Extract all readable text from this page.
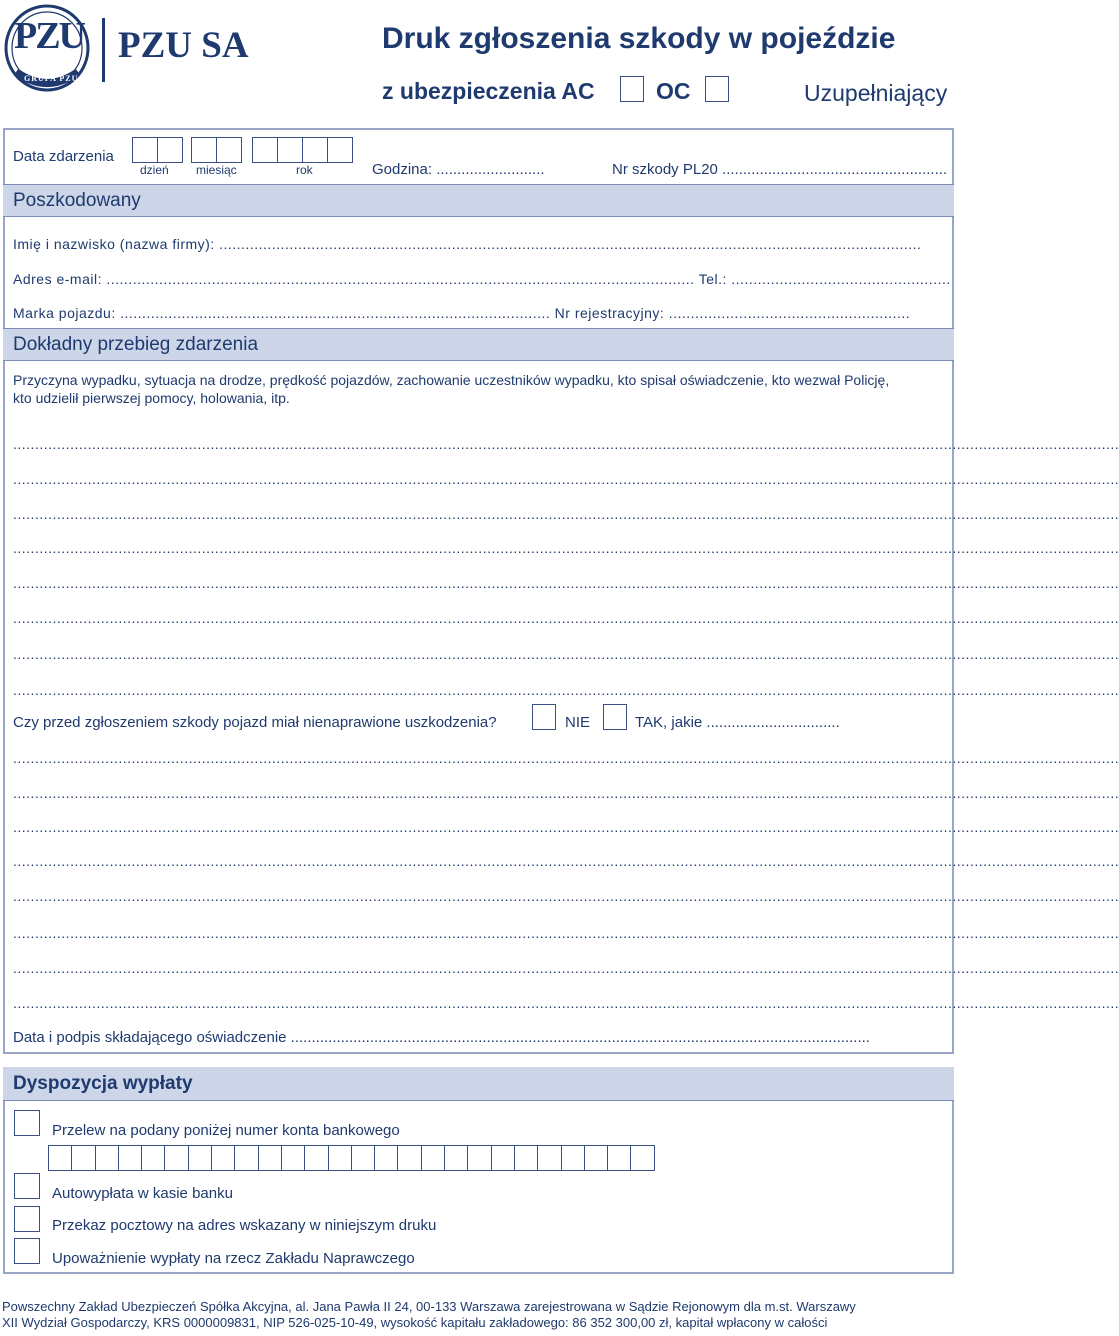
PZU
GRUPA PZU
PZU SA	Druk zgłoszenia szkody w pojeździe
z ubezpieczenia AC	OC	Uzupełniający
Data zdarzenia
dzień miesiąc	rok	Godzina: ..........................	Nr szkody PL20 ......................................................
Poszkodowany
Imię i nazwisko (nazwa firmy): ................................................................................................................................................................
Adres e-mail: ...................................................................................................................................... Tel.: ..................................................
Marka pojazdu: .................................................................................................. Nr rejestracyjny: .......................................................
Dokładny przebieg zdarzenia
Przyczyna wypadku, sytuacja na drodze, prędkość pojazdów, zachowanie uczestników wypadku, kto spisał oświadczenie, kto wezwał Policję,
kto udzielił pierwszej pomocy, holowania, itp.
............................................................................................................................................................................................................................................................
............................................................................................................................................................................................................................................................
............................................................................................................................................................................................................................................................
............................................................................................................................................................................................................................................................
............................................................................................................................................................................................................................................................
............................................................................................................................................................................................................................................................
............................................................................................................................................................................................................................................................
............................................................................................................................................................................................................................................................
Czy przed zgłoszeniem szkody pojazd miał nienaprawione uszkodzenia?	NIE	TAK, jakie ................................
............................................................................................................................................................................................................................................................
............................................................................................................................................................................................................................................................
............................................................................................................................................................................................................................................................
............................................................................................................................................................................................................................................................
............................................................................................................................................................................................................................................................
............................................................................................................................................................................................................................................................
............................................................................................................................................................................................................................................................
............................................................................................................................................................................................................................................................
Data i podpis składającego oświadczenie ...........................................................................................................................................
Dyspozycja wypłaty
Przelew na podany poniżej numer konta bankowego
Autowypłata w kasie banku
Przekaz pocztowy na adres wskazany w niniejszym druku
Upoważnienie wypłaty na rzecz Zakładu Naprawczego
Powszechny Zakład Ubezpieczeń Spółka Akcyjna, al. Jana Pawła II 24, 00-133 Warszawa zarejestrowana w Sądzie Rejonowym dla m.st. Warszawy
XII Wydział Gospodarczy, KRS 0000009831, NIP 526-025-10-49, wysokość kapitału zakładowego: 86 352 300,00 zł, kapitał wpłacony w całości
